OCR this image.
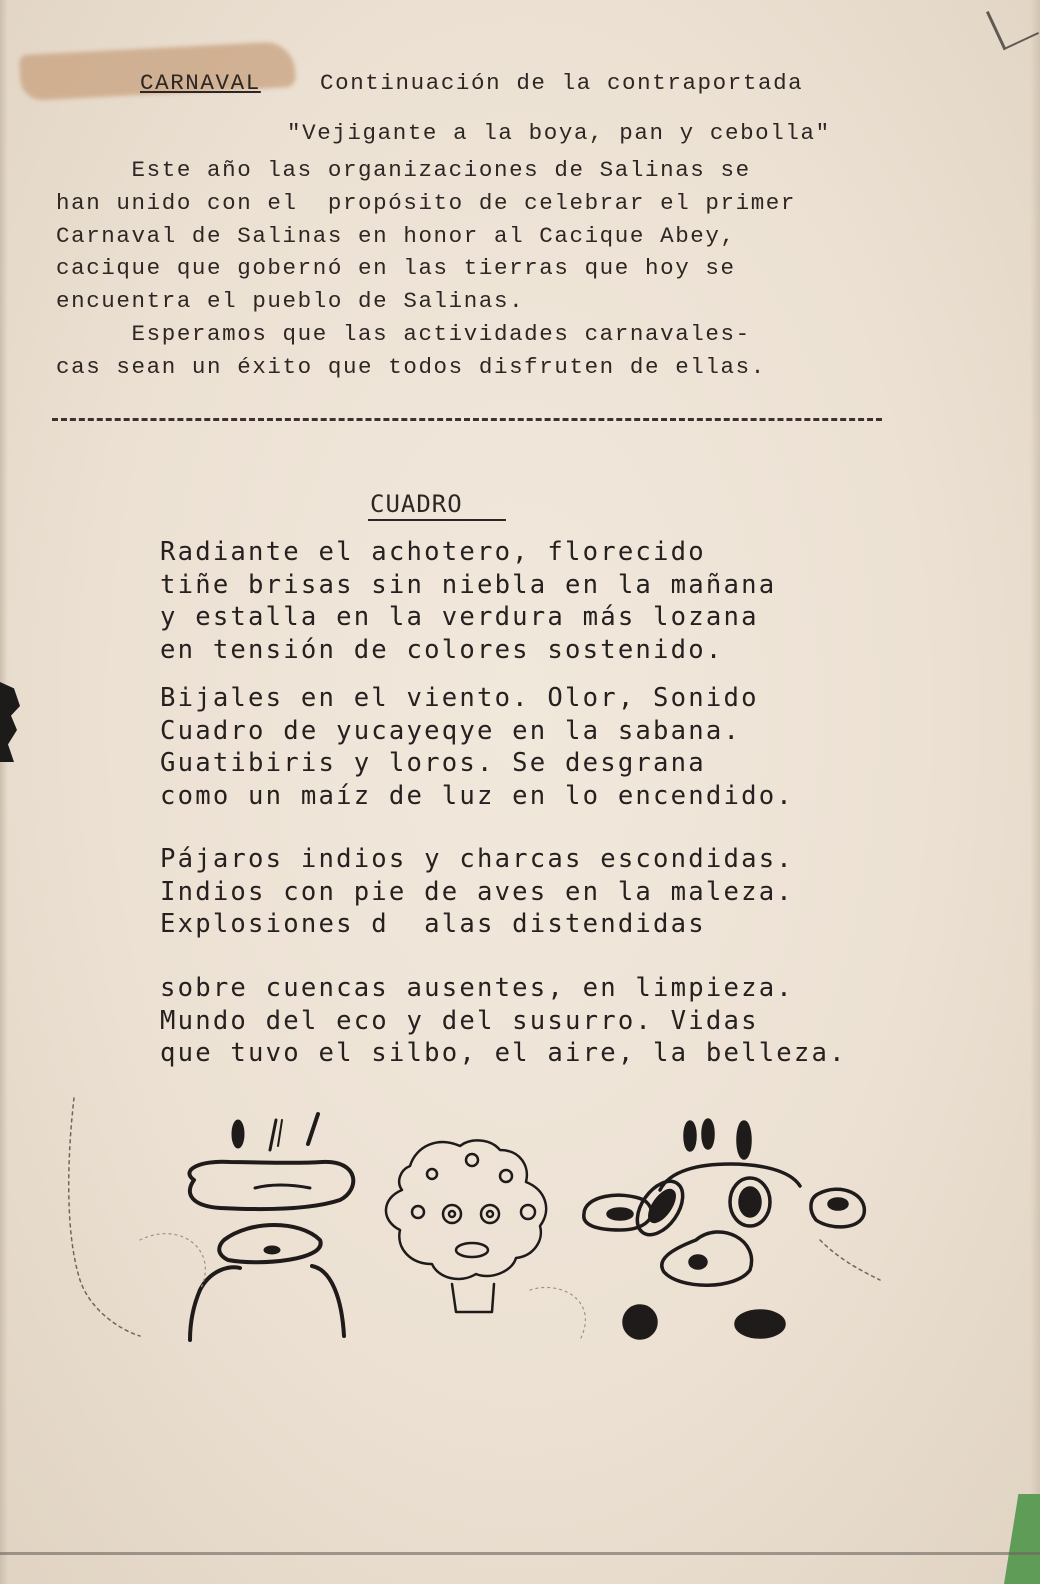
CARNAVAL	Continuación de la contraportada
"Vejigante a la boya, pan y cebolla"
Este año las organizaciones de Salinas se
han unido con el  propósito de celebrar el primer
Carnaval de Salinas en honor al Cacique Abey,
cacique que gobernó en las tierras que hoy se
encuentra el pueblo de Salinas.
Esperamos que las actividades carnavales-
cas sean un éxito que todos disfruten de ellas.
CUADRO
Radiante el achotero, florecido
tiñe brisas sin niebla en la mañana
y estalla en la verdura más lozana
en tensión de colores sostenido.
Bijales en el viento. Olor, Sonido
Cuadro de yucayeqye en la sabana.
Guatibiris y loros. Se desgrana
como un maíz de luz en lo encendido.
Pájaros indios y charcas escondidas.
Indios con pie de aves en la maleza.
Explosiones d  alas distendidas
sobre cuencas ausentes, en limpieza.
Mundo del eco y del susurro. Vidas
que tuvo el silbo, el aire, la belleza.
